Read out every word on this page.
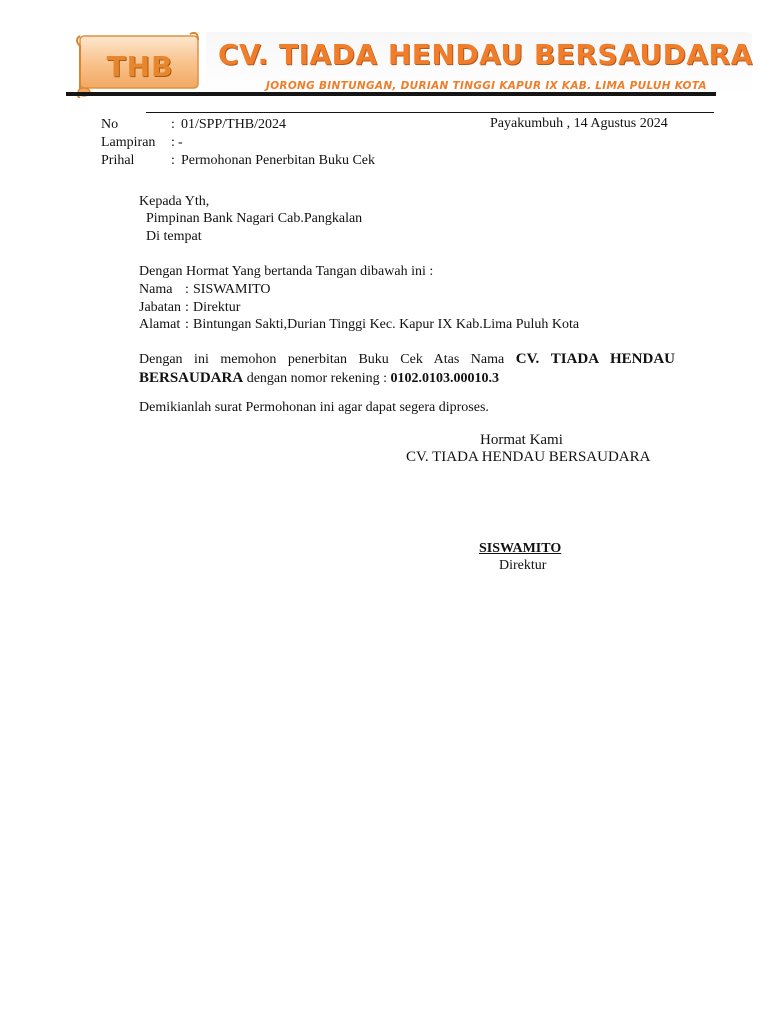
THB	CV. TIADA HENDAU BERSAUDARA
JORONG BINTUNGAN, DURIAN TINGGI KAPUR IX KAB. LIMA PULUH KOTA
No	: 01/SPP/THB/2024
Lampiran : -
Prihal	: Permohonan Penerbitan Buku Cek
Payakumbuh , 14 Agustus 2024
Kepada Yth,
Pimpinan Bank Nagari Cab.Pangkalan
Di tempat
Dengan Hormat Yang bertanda Tangan dibawah ini :
Nama : SISWAMITO
Jabatan : Direktur
Alamat : Bintungan Sakti,Durian Tinggi Kec. Kapur IX Kab.Lima Puluh Kota
Dengan ini memohon penerbitan Buku Cek Atas Nama CV. TIADA HENDAU BERSAUDARA dengan nomor rekening : 0102.0103.00010.3
Demikianlah surat Permohonan ini agar dapat segera diproses.
Hormat Kami
CV. TIADA HENDAU BERSAUDARA
SISWAMITO
Direktur
